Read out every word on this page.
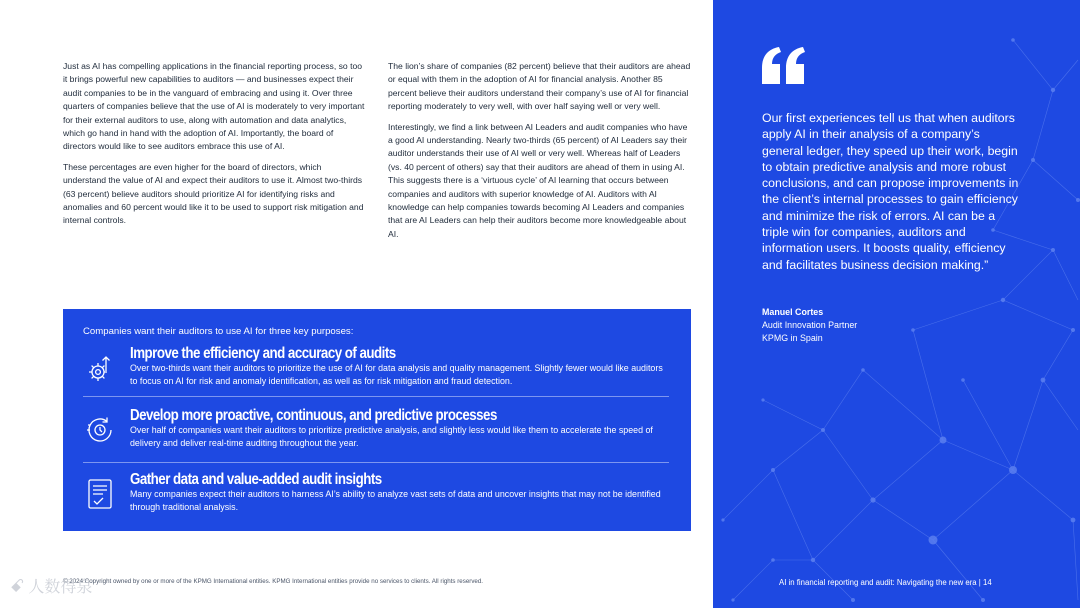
Just as AI has compelling applications in the financial reporting process, so too it brings powerful new capabilities to auditors — and businesses expect their audit companies to be in the vanguard of embracing and using it. Over three quarters of companies believe that the use of AI is moderately to very important for their external auditors to use, along with automation and data analytics, which go hand in hand with the adoption of AI. Importantly, the board of directors would like to see auditors embrace this use of AI.

These percentages are even higher for the board of directors, which understand the value of AI and expect their auditors to use it. Almost two-thirds (63 percent) believe auditors should prioritize AI for identifying risks and anomalies and 60 percent would like it to be used to support risk mitigation and internal controls.

The lion’s share of companies (82 percent) believe that their auditors are ahead or equal with them in the adoption of AI for financial analysis. Another 85 percent believe their auditors understand their company’s use of AI for financial reporting moderately to very well, with over half saying well or very well.

Interestingly, we find a link between AI Leaders and audit companies who have a good AI understanding. Nearly two-thirds (65 percent) of AI Leaders say their auditor understands their use of AI well or very well. Whereas half of Leaders (vs. 40 percent of others) say that their auditors are ahead of them in using AI. This suggests there is a ‘virtuous cycle’ of AI learning that occurs between companies and auditors with superior knowledge of AI. Auditors with AI knowledge can help companies towards becoming AI Leaders and companies that are AI Leaders can help their auditors become more knowledgeable about AI.

Companies want their auditors to use AI for three key purposes:
Improve the efficiency and accuracy of audits
Over two-thirds want their auditors to prioritize the use of AI for data analysis and quality management. Slightly fewer would like auditors to focus on AI for risk and anomaly identification, as well as for risk mitigation and fraud detection.
Develop more proactive, continuous, and predictive processes
Over half of companies want their auditors to prioritize predictive analysis, and slightly less would like them to accelerate the speed of delivery and deliver real-time auditing throughout the year.
Gather data and value-added audit insights
Many companies expect their auditors to harness AI’s ability to analyze vast sets of data and uncover insights that may not be identified through traditional analysis.
Our first experiences tell us that when auditors apply AI in their analysis of a company’s general ledger, they speed up their work, begin to obtain predictive analysis and more robust conclusions, and can propose improvements in the client’s internal processes to gain efficiency and minimize the risk of errors. AI can be a triple win for companies, auditors and information users. It boosts quality, efficiency and facilitates business decision making.”
Manuel Cortes
Audit Innovation Partner
KPMG in Spain
AI in financial reporting and audit: Navigating the new era | 14
© 2024 Copyright owned by one or more of the KPMG International entities. KPMG International entities provide no services to clients. All rights reserved.
ꗃ 人数得泉
